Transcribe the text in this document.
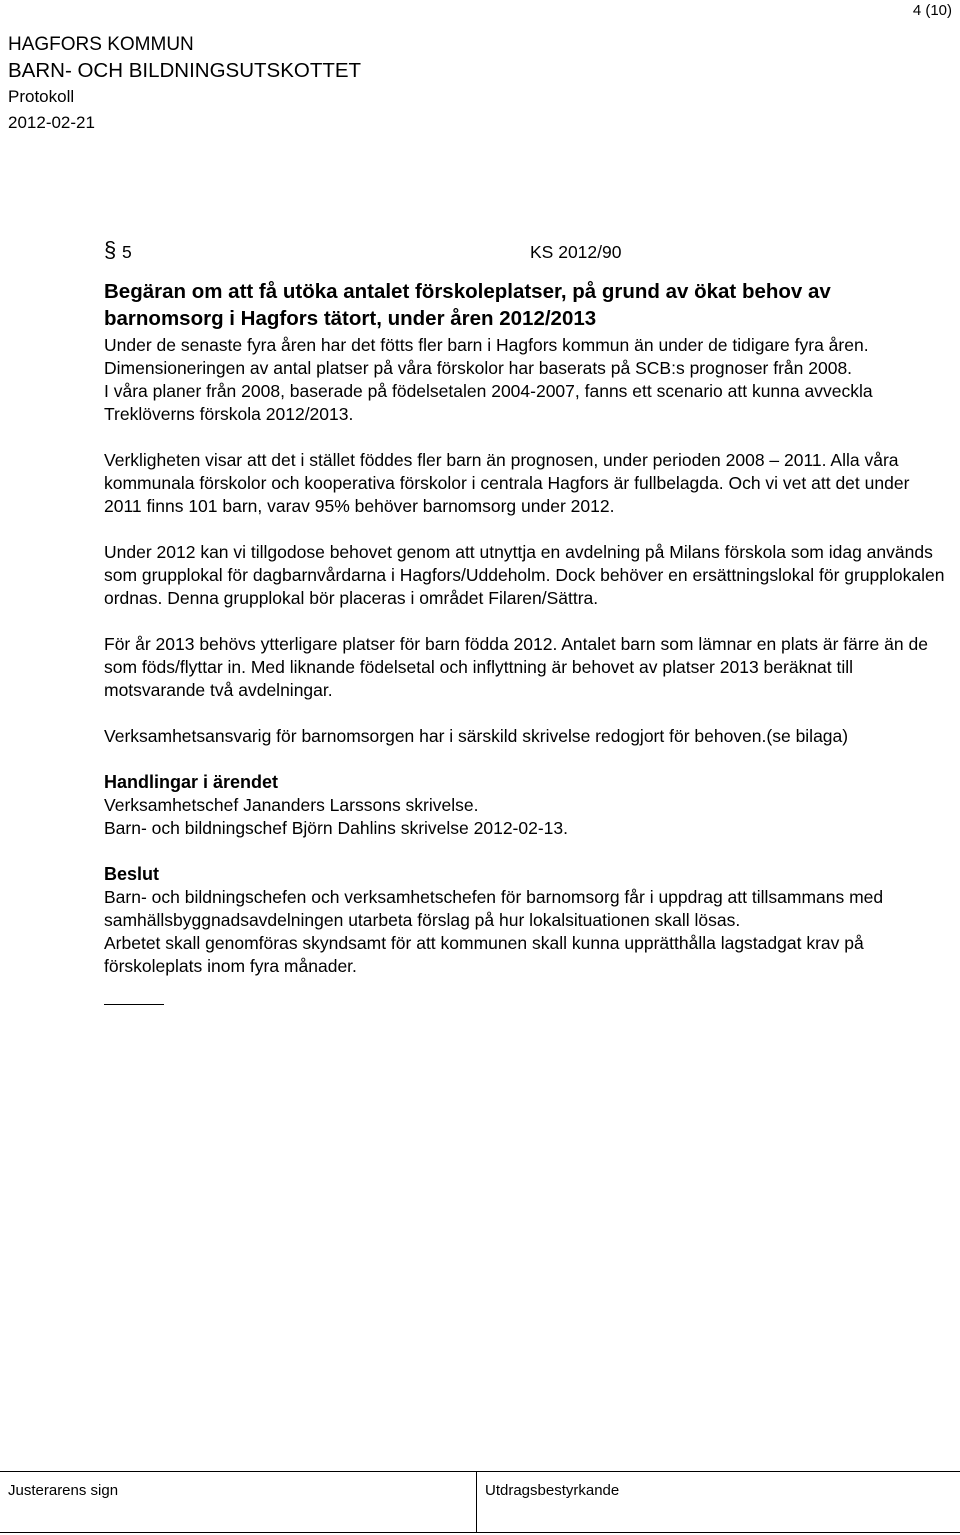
4 (10)
HAGFORS KOMMUN
BARN- OCH BILDNINGSUTSKOTTET
Protokoll
2012-02-21
§ 5	KS 2012/90
Begäran om att få utöka antalet förskoleplatser, på grund av ökat behov av
barnomsorg i Hagfors tätort, under åren 2012/2013

Under de senaste fyra åren har det fötts fler barn i Hagfors kommun än under de tidigare fyra åren. Dimensioneringen av antal platser på våra förskolor har baserats på SCB:s prognoser från 2008.

I våra planer från 2008, baserade på födelsetalen 2004-2007, fanns ett scenario att kunna avveckla Treklöverns förskola 2012/2013.

Verkligheten visar att det i stället föddes fler barn än prognosen, under perioden 2008 – 2011. Alla våra kommunala förskolor och kooperativa förskolor i centrala Hagfors är fullbelagda. Och vi vet att det under 2011 finns 101 barn, varav 95% behöver barnomsorg under 2012.

Under 2012 kan vi tillgodose behovet genom att utnyttja en avdelning på Milans förskola som idag används som grupplokal för dagbarnvårdarna i Hagfors/Uddeholm. Dock behöver en ersättningslokal för grupplokalen ordnas. Denna grupplokal bör placeras i området Filaren/Sättra.

För år 2013 behövs ytterligare platser för barn födda 2012. Antalet barn som lämnar en plats är färre än de som föds/flyttar in. Med liknande födelsetal och inflyttning är behovet av platser 2013 beräknat till motsvarande två avdelningar.

Verksamhetsansvarig för barnomsorgen har i särskild skrivelse redogjort för behoven.(se bilaga)

Handlingar i ärendet

Verksamhetschef Jananders Larssons skrivelse.

Barn- och bildningschef Björn Dahlins skrivelse 2012-02-13.

Beslut

Barn- och bildningschefen och verksamhetschefen för barnomsorg får i uppdrag att tillsammans med samhällsbyggnadsavdelningen utarbeta förslag på hur lokalsituationen skall lösas.

Arbetet skall genomföras skyndsamt för att kommunen skall kunna upprätthålla lagstadgat krav på förskoleplats inom fyra månader.

Justerarens sign	Utdragsbestyrkande
